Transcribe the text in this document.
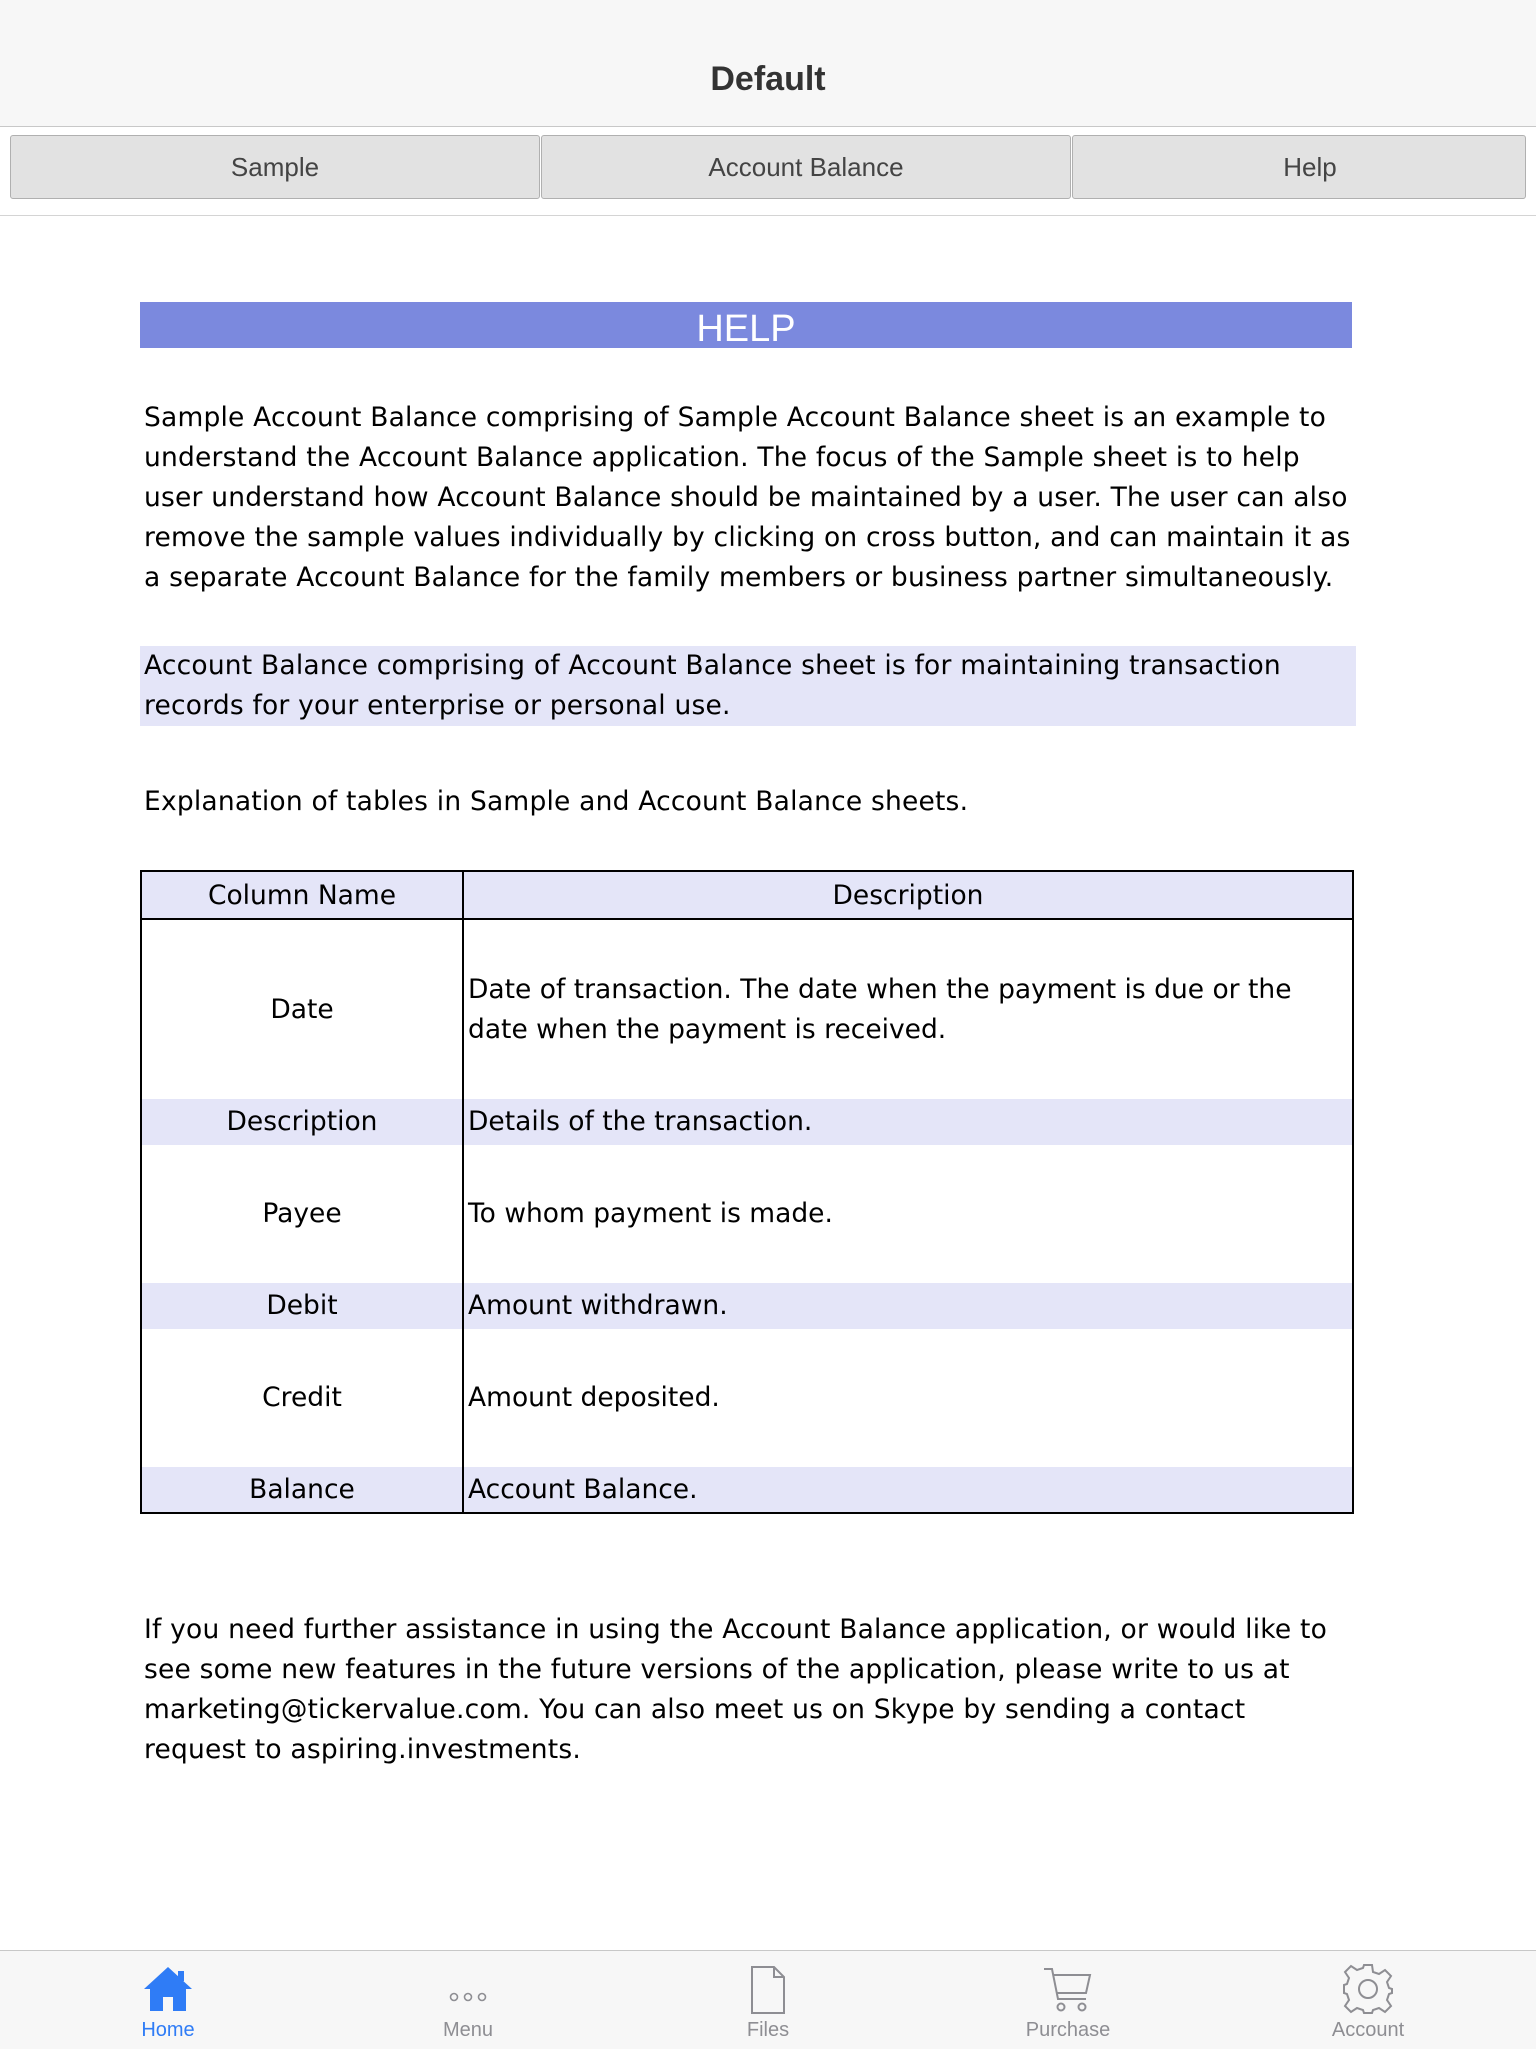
Default
Sample	Account Balance	Help
HELP
Sample Account Balance comprising of Sample Account Balance sheet is an example to understand the Account Balance application. The focus of the Sample sheet is to help user understand how Account Balance should be maintained by a user. The user can also remove the sample values individually by clicking on cross button, and can maintain it as a separate Account Balance for the family members or business partner simultaneously.
Account Balance comprising of Account Balance sheet is for maintaining transaction records for your enterprise or personal use.
Explanation of tables in Sample and Account Balance sheets.
Column Name	Description
Date	Date of transaction. The date when the payment is due or the date when the payment is received.
Description	Details of the transaction.
Payee	To whom payment is made.
Debit	Amount withdrawn.
Credit	Amount deposited.
Balance	Account Balance.
If you need further assistance in using the Account Balance application, or would like to see some new features in the future versions of the application, please write to us at marketing@tickervalue.com. You can also meet us on Skype by sending a contact request to aspiring.investments.
Home	Menu	Files	Purchase	Account
